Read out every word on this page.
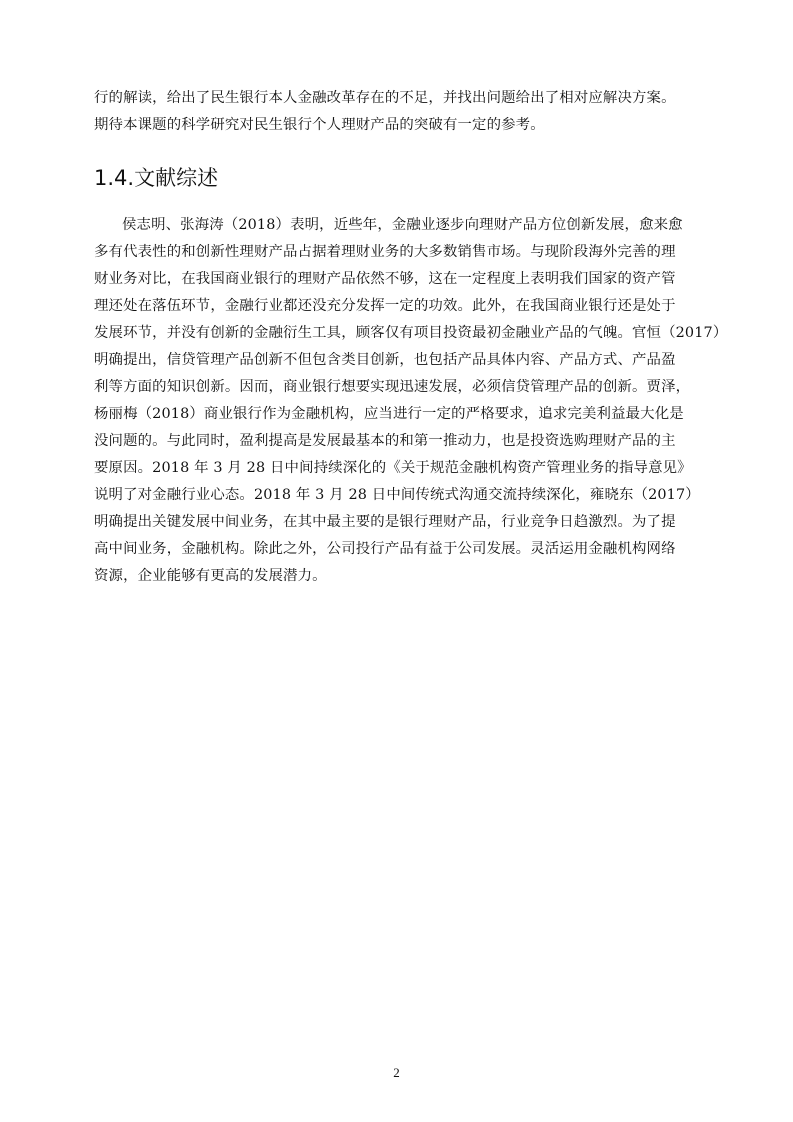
行的解读，给出了民生银行本人金融改革存在的不足，并找出问题给出了相对应解决方案。
期待本课题的科学研究对民生银行个人理财产品的突破有一定的参考。
1.4.文献综述
侯志明、张海涛（2018）表明，近些年，金融业逐步向理财产品方位创新发展，愈来愈
多有代表性的和创新性理财产品占据着理财业务的大多数销售市场。与现阶段海外完善的理
财业务对比，在我国商业银行的理财产品依然不够，这在一定程度上表明我们国家的资产管
理还处在落伍环节，金融行业都还没充分发挥一定的功效。此外，在我国商业银行还是处于
发展环节，并没有创新的金融衍生工具，顾客仅有项目投资最初金融业产品的气魄。官恒（2017）
明确提出，信贷管理产品创新不但包含类目创新，也包括产品具体内容、产品方式、产品盈
利等方面的知识创新。因而，商业银行想要实现迅速发展，必须信贷管理产品的创新。贾泽，
杨丽梅（2018）商业银行作为金融机构，应当进行一定的严格要求，追求完美利益最大化是
没问题的。与此同时，盈利提高是发展最基本的和第一推动力，也是投资选购理财产品的主
要原因。2018 年 3 月 28 日中间持续深化的《关于规范金融机构资产管理业务的指导意见》
说明了对金融行业心态。2018 年 3 月 28 日中间传统式沟通交流持续深化，雍晓东（2017）
明确提出关键发展中间业务，在其中最主要的是银行理财产品，行业竞争日趋激烈。为了提
高中间业务，金融机构。除此之外，公司投行产品有益于公司发展。灵活运用金融机构网络
资源，企业能够有更高的发展潜力。
2
